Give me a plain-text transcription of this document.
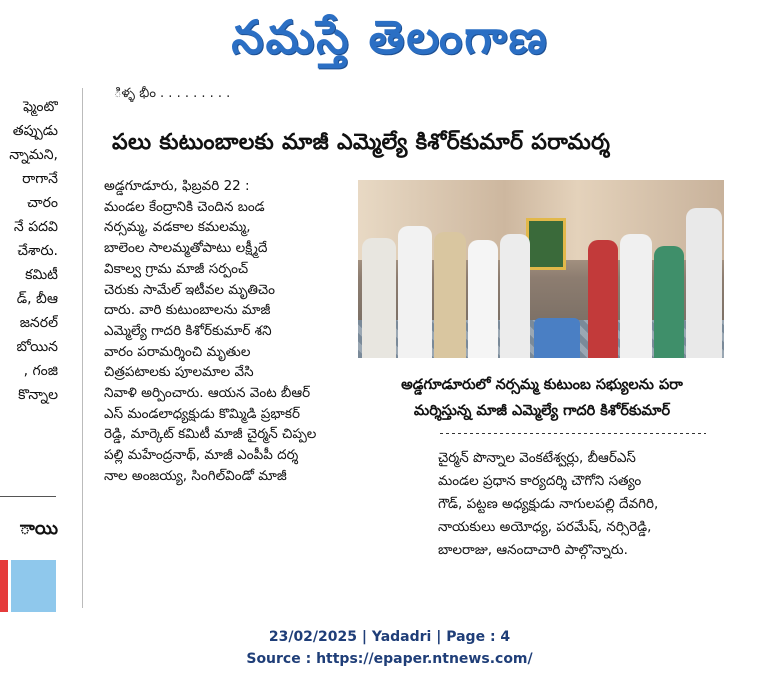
నమస్తే తెలంగాణ
ఫ్మెంటొ
తప్పుడు
న్నామని,
రాగానే
చారం
నే పదవి
చేశారు.
కమిటీ
డ్, బీఆ
జనరల్
బోయిన
, గంజి
కొన్నాల
ాయి
ిళ్ళ భీం . . . . . . . . .
పలు కుటుంబాలకు మాజీ ఎమ్మెల్యే కిశోర్‌కుమార్ పరామర్శ
అడ్డగూడూరు, ఫిబ్రవరి 22 :
మండల కేంద్రానికి చెందిన బండ
నర్సమ్మ, వడకాల కమలమ్మ,
బాలెంల సాలమ్మతోపాటు లక్ష్మీదే
వికాల్వ గ్రామ మాజీ సర్పంచ్
చెరుకు సామేల్ ఇటీవల మృతిచెం
దారు. వారి కుటుంబాలను మాజీ
ఎమ్మెల్యే గాదరి కిశోర్‌కుమార్ శని
వారం పరామర్శించి మృతుల
చిత్రపటాలకు పూలమాల వేసి
నివాళి అర్పించారు. ఆయన వెంట బీఆర్
ఎస్ మండలాధ్యక్షుడు కొమ్మిడి ప్రభాకర్
రెడ్డి, మార్కెట్ కమిటీ మాజీ చైర్మన్ చిప్పల
పల్లి మహేంద్రనాథ్, మాజీ ఎంపీపీ దర్శ
నాల అంజయ్య, సింగిల్‌విండో మాజీ
అడ్డగూడూరులో నర్సమ్మ కుటుంబ సభ్యులను పరా
మర్శిస్తున్న మాజీ ఎమ్మెల్యే గాదరి కిశోర్‌కుమార్
చైర్మన్ పొన్నాల వెంకటేశ్వర్లు, బీఆర్‌ఎస్
మండల ప్రధాన కార్యదర్శి చౌగోని సత్యం
గౌడ్, పట్టణ అధ్యక్షుడు నాగులపల్లి దేవగిరి,
నాయకులు అయోధ్య, పరమేష్, నర్సిరెడ్డి,
బాలరాజు, ఆనందాచారి పాల్గొన్నారు.
23/02/2025 | Yadadri | Page : 4
Source : https://epaper.ntnews.com/
